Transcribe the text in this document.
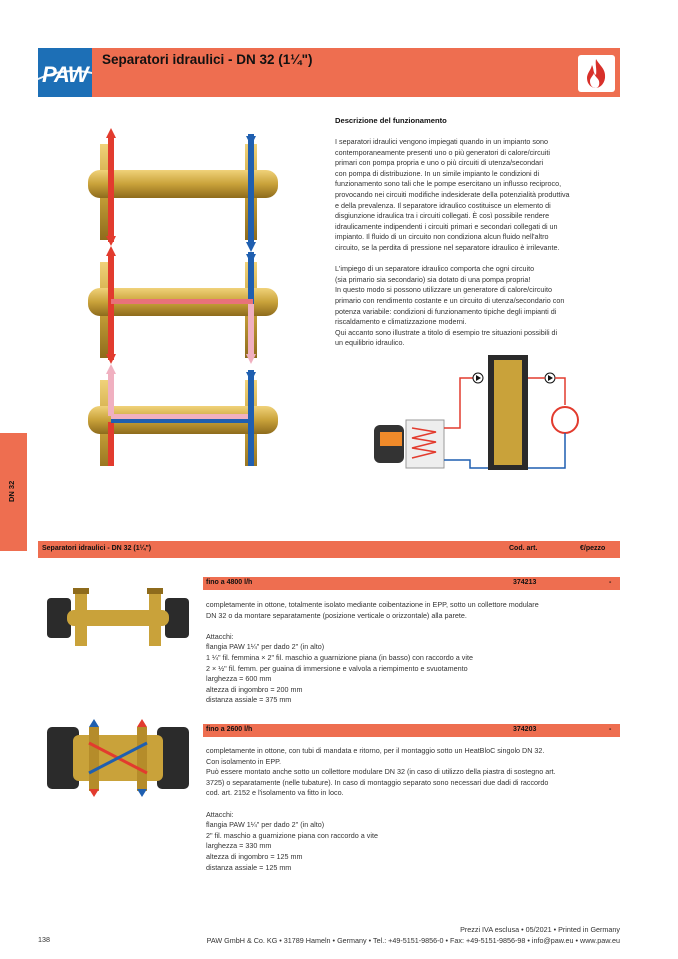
PAW
Separatori idraulici - DN 32 (1¼")
Descrizione del funzionamento

I separatori idraulici vengono impiegati quando in un impianto sono
contemporaneamente presenti uno o più generatori di calore/circuiti
primari con pompa propria e uno o più circuiti di utenza/secondari
con pompa di distribuzione. In un simile impianto le condizioni di
funzionamento sono tali che le pompe esercitano un influsso reciproco,
provocando nei circuiti modifiche indesiderate della potenzialità produttiva
e della prevalenza. Il separatore idraulico costituisce un elemento di
disgiunzione idraulica tra i circuiti collegati. È così possibile rendere
idraulicamente indipendenti i circuiti primari e secondari collegati di un
impianto. Il fluido di un circuito non condiziona alcun fluido nell'altro
circuito, se la perdita di pressione nel separatore idraulico è irrilevante.

L'impiego di un separatore idraulico comporta che ogni circuito
(sia primario sia secondario) sia dotato di una pompa propria!
In questo modo si possono utilizzare un generatore di calore/circuito
primario con rendimento costante e un circuito di utenza/secondario con
potenza variabile: condizioni di funzionamento tipiche degli impianti di
riscaldamento e climatizzazione moderni.
Qui accanto sono illustrate a titolo di esempio tre situazioni possibili di
un equilibrio idraulico.

DN 32
Separatori idraulici - DN 32 (1¼")	Cod. art.	€/pezzo
fino a 4800 l/h	374213	-

completamente in ottone, totalmente isolato mediante coibentazione in EPP, sotto un collettore modulare
DN 32 o da montare separatamente (posizione verticale o orizzontale) alla parete.

Attacchi:
flangia PAW 1¼" per dado 2" (in alto)
1 ¼" fil. femmina × 2" fil. maschio a guarnizione piana (in basso) con raccordo a vite
2 × ½" fil. femm. per guaina di immersione e valvola a riempimento e svuotamento
larghezza = 600 mm
altezza di ingombro = 200 mm
distanza assiale = 375 mm

fino a 2600 l/h	374203	-

completamente in ottone, con tubi di mandata e ritorno, per il montaggio sotto un HeatBloC singolo DN 32.
Con isolamento in EPP.
Può essere montato anche sotto un collettore modulare DN 32 (in caso di utilizzo della piastra di sostegno art.
3725) o separatamente (nelle tubature). In caso di montaggio separato sono necessari due dadi di raccordo
cod. art. 2152 e l'isolamento va fitto in loco.

Attacchi:
flangia PAW 1¼" per dado 2" (in alto)
2" fil. maschio a guarnizione piana con raccordo a vite
larghezza = 330 mm
altezza di ingombro = 125 mm
distanza assiale = 125 mm

138
Prezzi IVA esclusa • 05/2021 • Printed in Germany
PAW GmbH & Co. KG • 31789 Hameln • Germany • Tel.: +49-5151-9856-0 • Fax: +49-5151-9856-98 • info@paw.eu • www.paw.eu
